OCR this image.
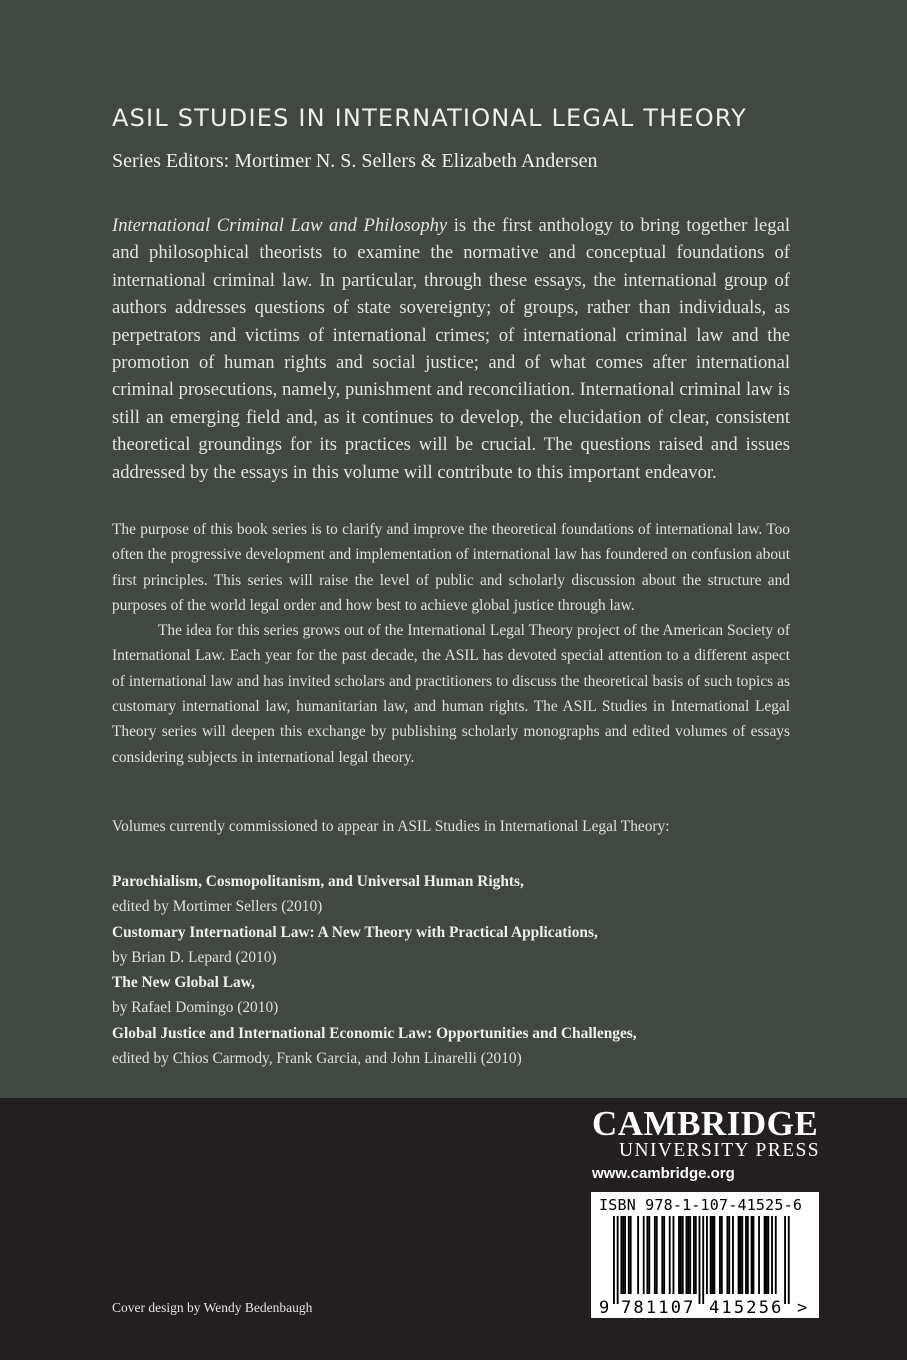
ASIL STUDIES IN INTERNATIONAL LEGAL THEORY
Series Editors: Mortimer N. S. Sellers & Elizabeth Andersen
International Criminal Law and Philosophy is the first anthology to bring together legal and philosophical theorists to examine the normative and conceptual foundations of international criminal law. In particular, through these essays, the international group of authors addresses questions of state sovereignty; of groups, rather than individuals, as perpetrators and victims of international crimes; of international criminal law and the promotion of human rights and social justice; and of what comes after international criminal prosecutions, namely, punishment and reconciliation. International criminal law is still an emerging field and, as it continues to develop, the elucidation of clear, consistent theoretical groundings for its practices will be crucial. The questions raised and issues addressed by the essays in this volume will contribute to this important endeavor.

The purpose of this book series is to clarify and improve the theoretical foundations of international law. Too often the progressive development and implementation of international law has foundered on confusion about first principles. This series will raise the level of public and scholarly discussion about the structure and purposes of the world legal order and how best to achieve global justice through law.

The idea for this series grows out of the International Legal Theory project of the American Society of International Law. Each year for the past decade, the ASIL has devoted special attention to a different aspect of international law and has invited scholars and practitioners to discuss the theoretical basis of such topics as customary international law, humanitarian law, and human rights. The ASIL Studies in International Legal Theory series will deepen this exchange by publishing scholarly monographs and edited volumes of essays considering subjects in international legal theory.

Volumes currently commissioned to appear in ASIL Studies in International Legal Theory:
Parochialism, Cosmopolitanism, and Universal Human Rights,
edited by Mortimer Sellers (2010)
Customary International Law: A New Theory with Practical Applications,
by Brian D. Lepard (2010)
The New Global Law,
by Rafael Domingo (2010)
Global Justice and International Economic Law: Opportunities and Challenges,
edited by Chios Carmody, Frank Garcia, and John Linarelli (2010)
CAMBRIDGE
UNIVERSITY PRESS
www.cambridge.org
ISBN 978-1-107-41525-6
9 781107 415256 >
Cover design by Wendy Bedenbaugh
